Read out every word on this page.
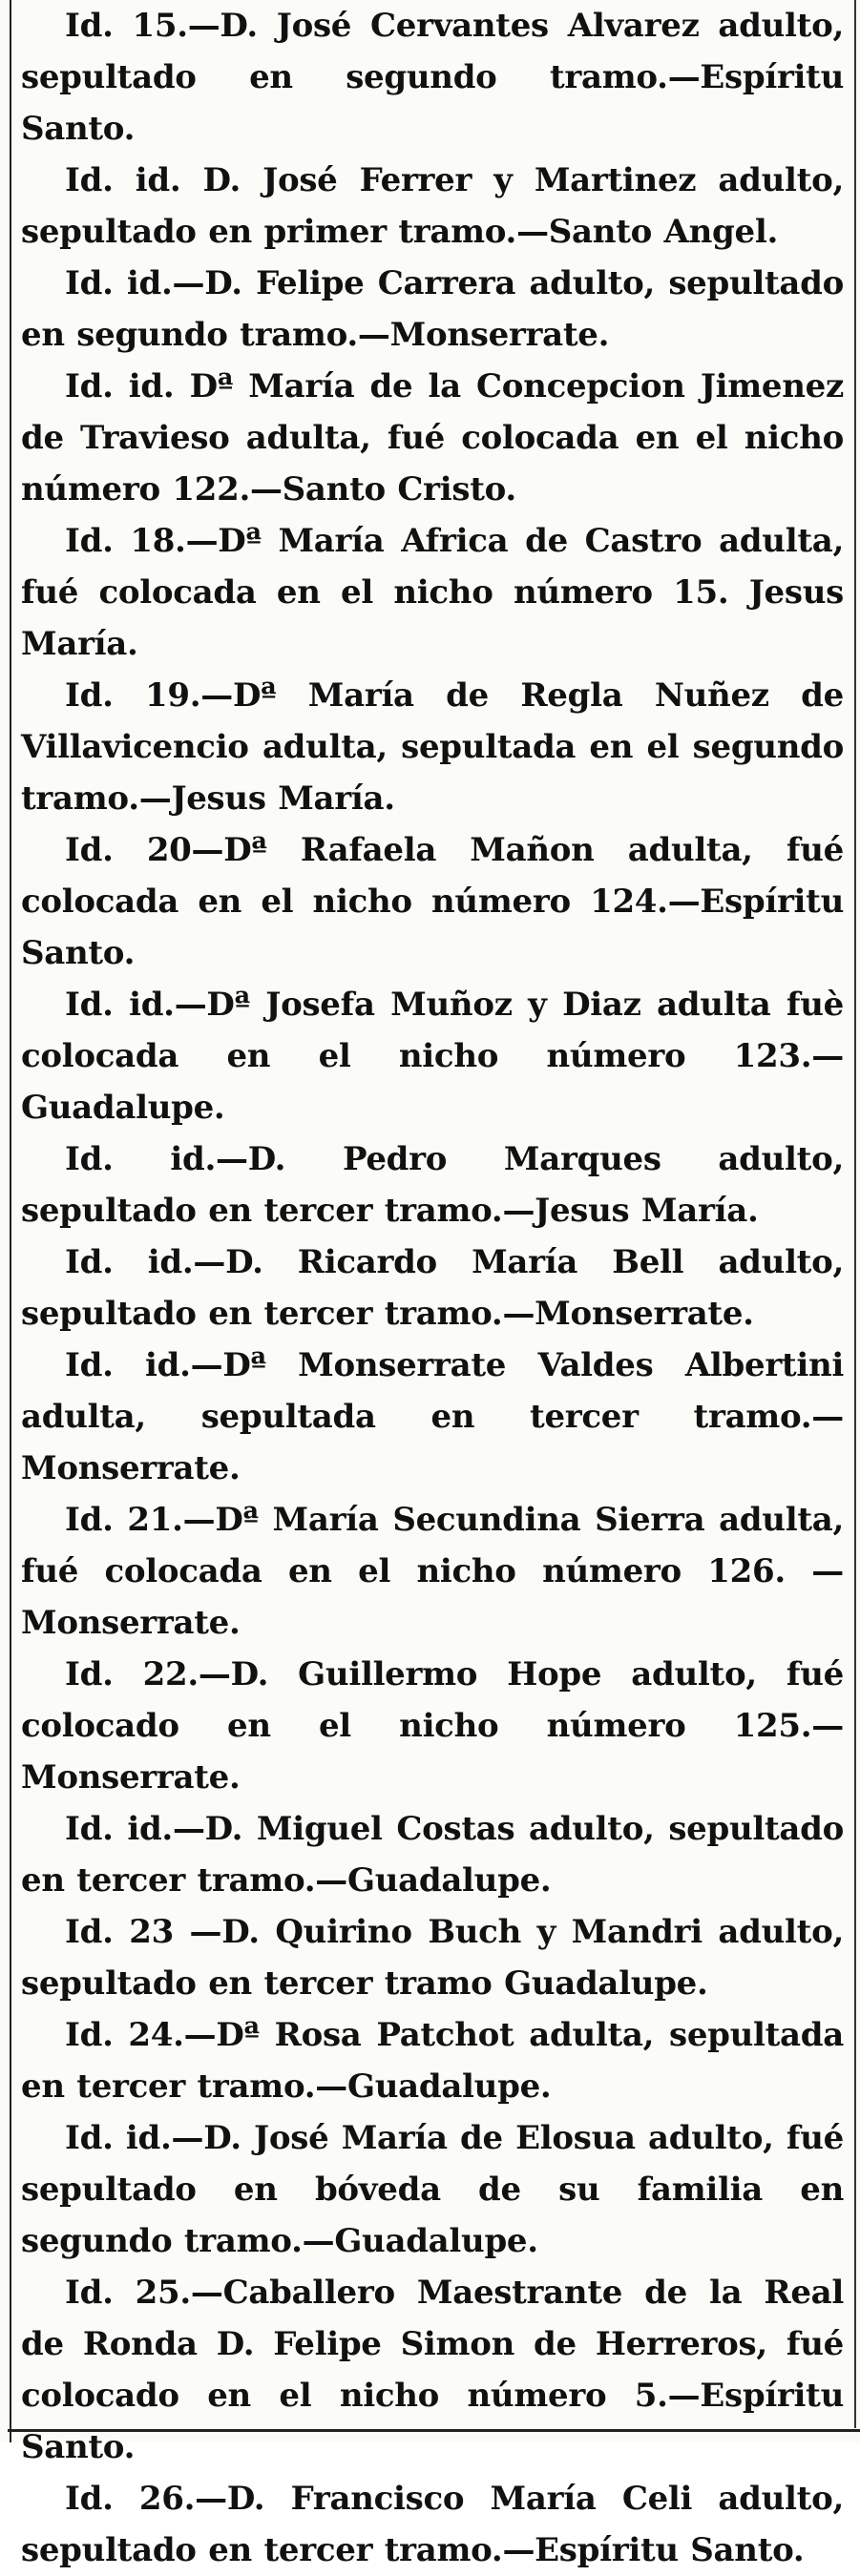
Id. 15.—D. José Cervantes Alvarez adulto, sepultado en segundo tramo.—Espíritu Santo.

Id. id. D. José Ferrer y Martinez adulto, sepultado en primer tramo.—Santo Angel.

Id. id.—D. Felipe Carrera adulto, sepultado en segundo tramo.—Monserrate.

Id. id. Dª María de la Concepcion Jimenez de Travieso adulta, fué colocada en el nicho número 122.—Santo Cristo.

Id. 18.—Dª María Africa de Castro adulta, fué colocada en el nicho número 15. Jesus María.

Id. 19.—Dª María de Regla Nuñez de Villavicencio adulta, sepultada en el segundo tramo.—Jesus María.

Id. 20—Dª Rafaela Mañon adulta, fué colocada en el nicho número 124.—Espíritu Santo.

Id. id.—Dª Josefa Muñoz y Diaz adulta fuè colocada en el nicho número 123.—Guadalupe.

Id. id.—D. Pedro Marques adulto, sepultado en tercer tramo.—Jesus María.

Id. id.—D. Ricardo María Bell adulto, sepultado en tercer tramo.—Monserrate.

Id. id.—Dª Monserrate Valdes Albertini adulta, sepultada en tercer tramo.—Monserrate.

Id. 21.—Dª María Secundina Sierra adulta, fué colocada en el nicho número 126. —Monserrate.

Id. 22.—D. Guillermo Hope adulto, fué colocado en el nicho número 125.—Monserrate.

Id. id.—D. Miguel Costas adulto, sepultado en tercer tramo.—Guadalupe.

Id. 23 —D. Quirino Buch y Mandri adulto, sepultado en tercer tramo Guadalupe.

Id. 24.—Dª Rosa Patchot adulta, sepultada en tercer tramo.—Guadalupe.

Id. id.—D. José María de Elosua adulto, fué sepultado en bóveda de su familia en segundo tramo.—Guadalupe.

Id. 25.—Caballero Maestrante de la Real de Ronda D. Felipe Simon de Herreros, fué colocado en el nicho número 5.—Espíritu Santo.

Id. 26.—D. Francisco María Celi adulto, sepultado en tercer tramo.—Espíritu Santo.
